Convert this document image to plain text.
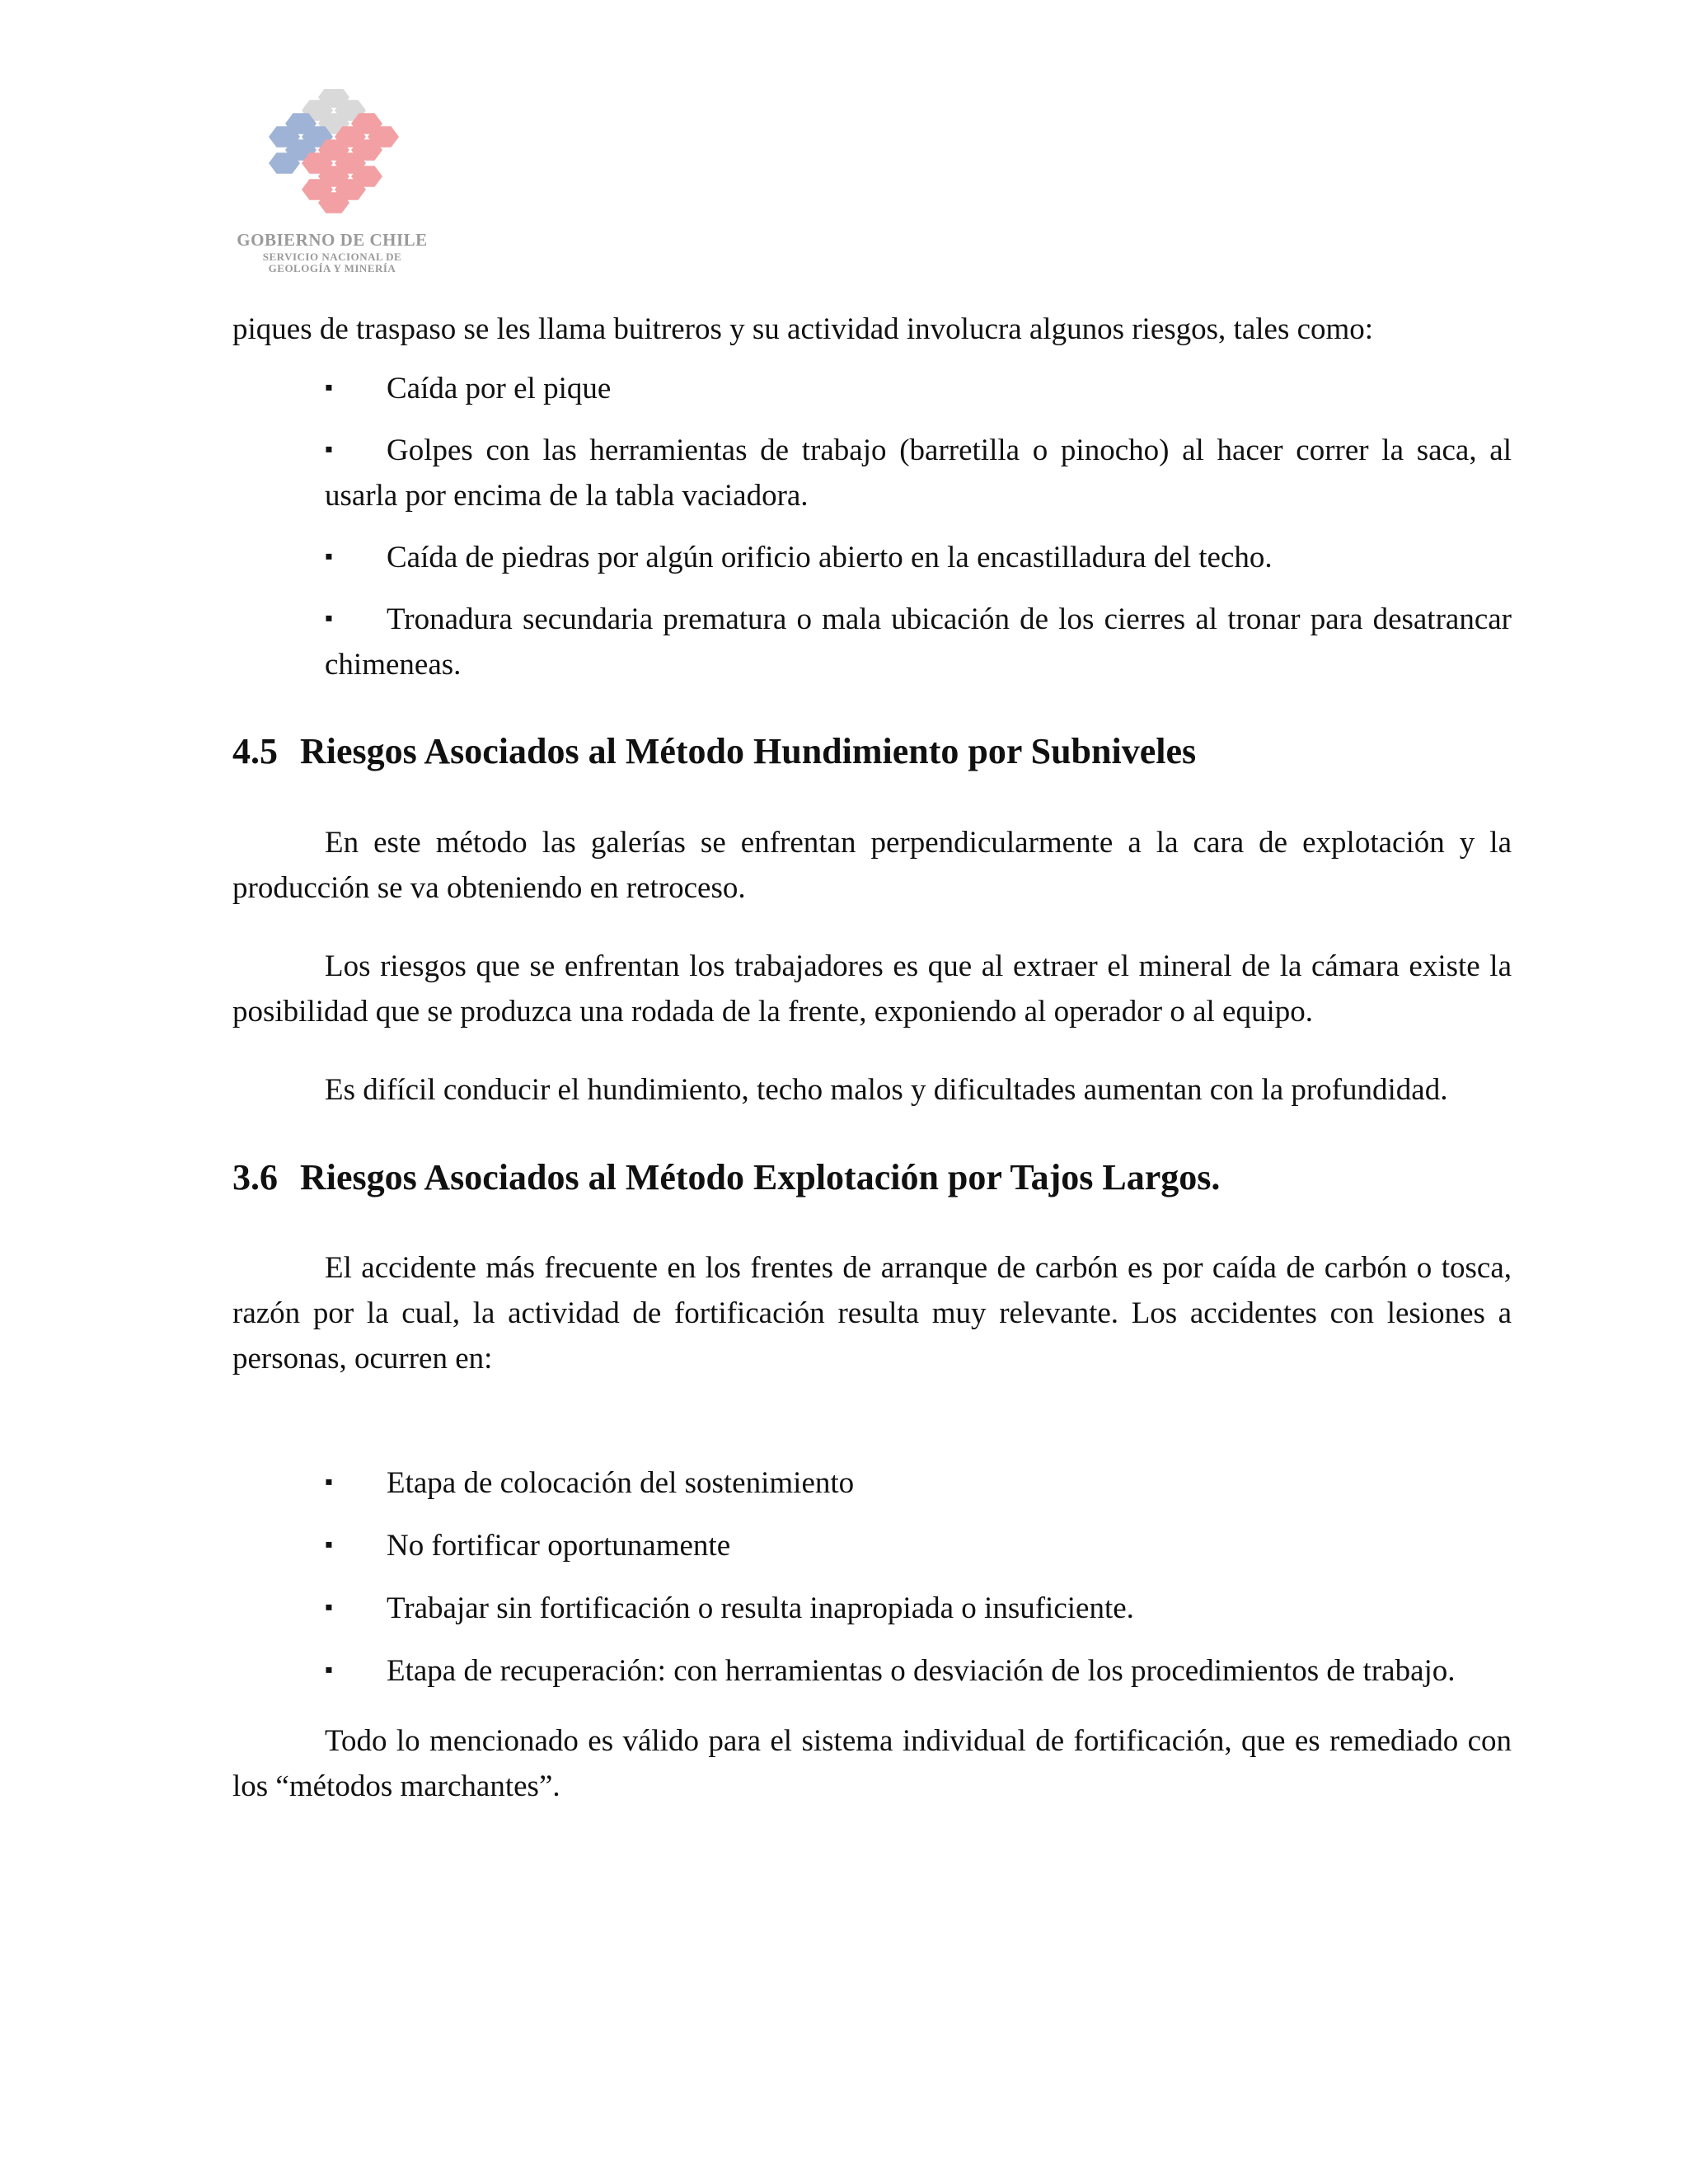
GOBIERNO DE CHILE
SERVICIO NACIONAL DE
GEOLOGÍA Y MINERÍA

piques de traspaso se les llama buitreros y su actividad involucra algunos riesgos, tales como:

▪ Caída por el pique

▪ Golpes con las herramientas de trabajo (barretilla o pinocho) al hacer correr la saca, al usarla por encima de la tabla vaciadora.

▪ Caída de piedras por algún orificio abierto en la encastilladura del techo.

▪ Tronadura secundaria prematura o mala ubicación de los cierres al tronar para desatrancar chimeneas.

4.5 Riesgos Asociados al Método Hundimiento por Subniveles

En este método las galerías se enfrentan perpendicularmente a la cara de explotación y la producción se va obteniendo en retroceso.

Los riesgos que se enfrentan los trabajadores es que al extraer el mineral de la cámara existe la posibilidad que se produzca una rodada de la frente, exponiendo al operador o al equipo.

Es difícil conducir el hundimiento, techo malos y dificultades aumentan con la profundidad.

3.6 Riesgos Asociados al Método Explotación por Tajos Largos.

El accidente más frecuente en los frentes de arranque de carbón es por caída de carbón o tosca, razón por la cual, la actividad de fortificación resulta muy relevante. Los accidentes con lesiones a personas, ocurren en:

▪ Etapa de colocación del sostenimiento

▪ No fortificar oportunamente

▪ Trabajar sin fortificación o resulta inapropiada o insuficiente.

▪ Etapa de recuperación: con herramientas o desviación de los procedimientos de trabajo.

Todo lo mencionado es válido para el sistema individual de fortificación, que es remediado con los “métodos marchantes”.
